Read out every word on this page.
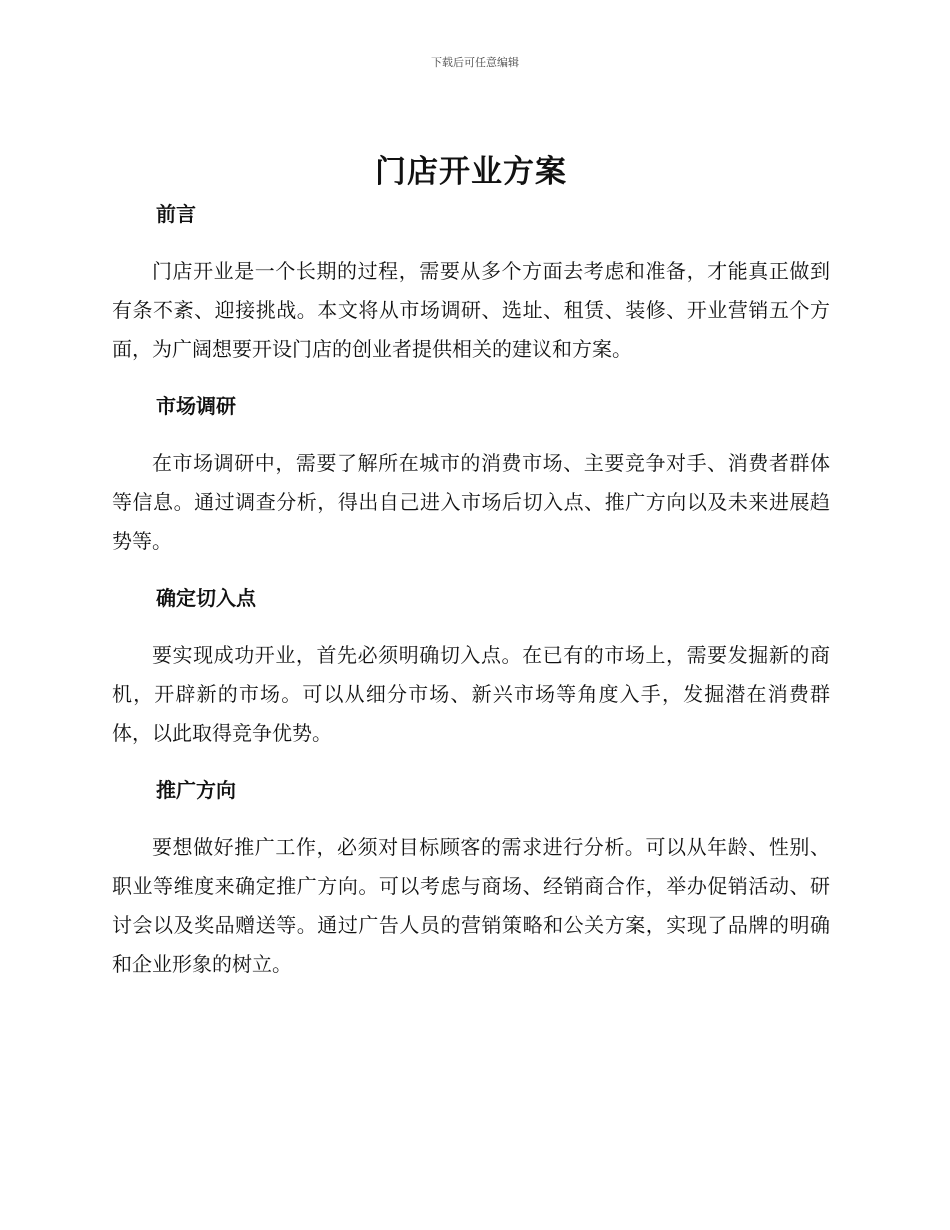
下载后可任意编辑
门店开业方案
前言

门店开业是一个长期的过程，需要从多个方面去考虑和准备，才能真正做到有条不紊、迎接挑战。本文将从市场调研、选址、租赁、装修、开业营销五个方面，为广阔想要开设门店的创业者提供相关的建议和方案。

市场调研

在市场调研中，需要了解所在城市的消费市场、主要竞争对手、消费者群体等信息。通过调查分析，得出自己进入市场后切入点、推广方向以及未来进展趋势等。

确定切入点

要实现成功开业，首先必须明确切入点。在已有的市场上，需要发掘新的商机，开辟新的市场。可以从细分市场、新兴市场等角度入手，发掘潜在消费群体，以此取得竞争优势。

推广方向

要想做好推广工作，必须对目标顾客的需求进行分析。可以从年龄、性别、职业等维度来确定推广方向。可以考虑与商场、经销商合作，举办促销活动、研讨会以及奖品赠送等。通过广告人员的营销策略和公关方案，实现了品牌的明确和企业形象的树立。
